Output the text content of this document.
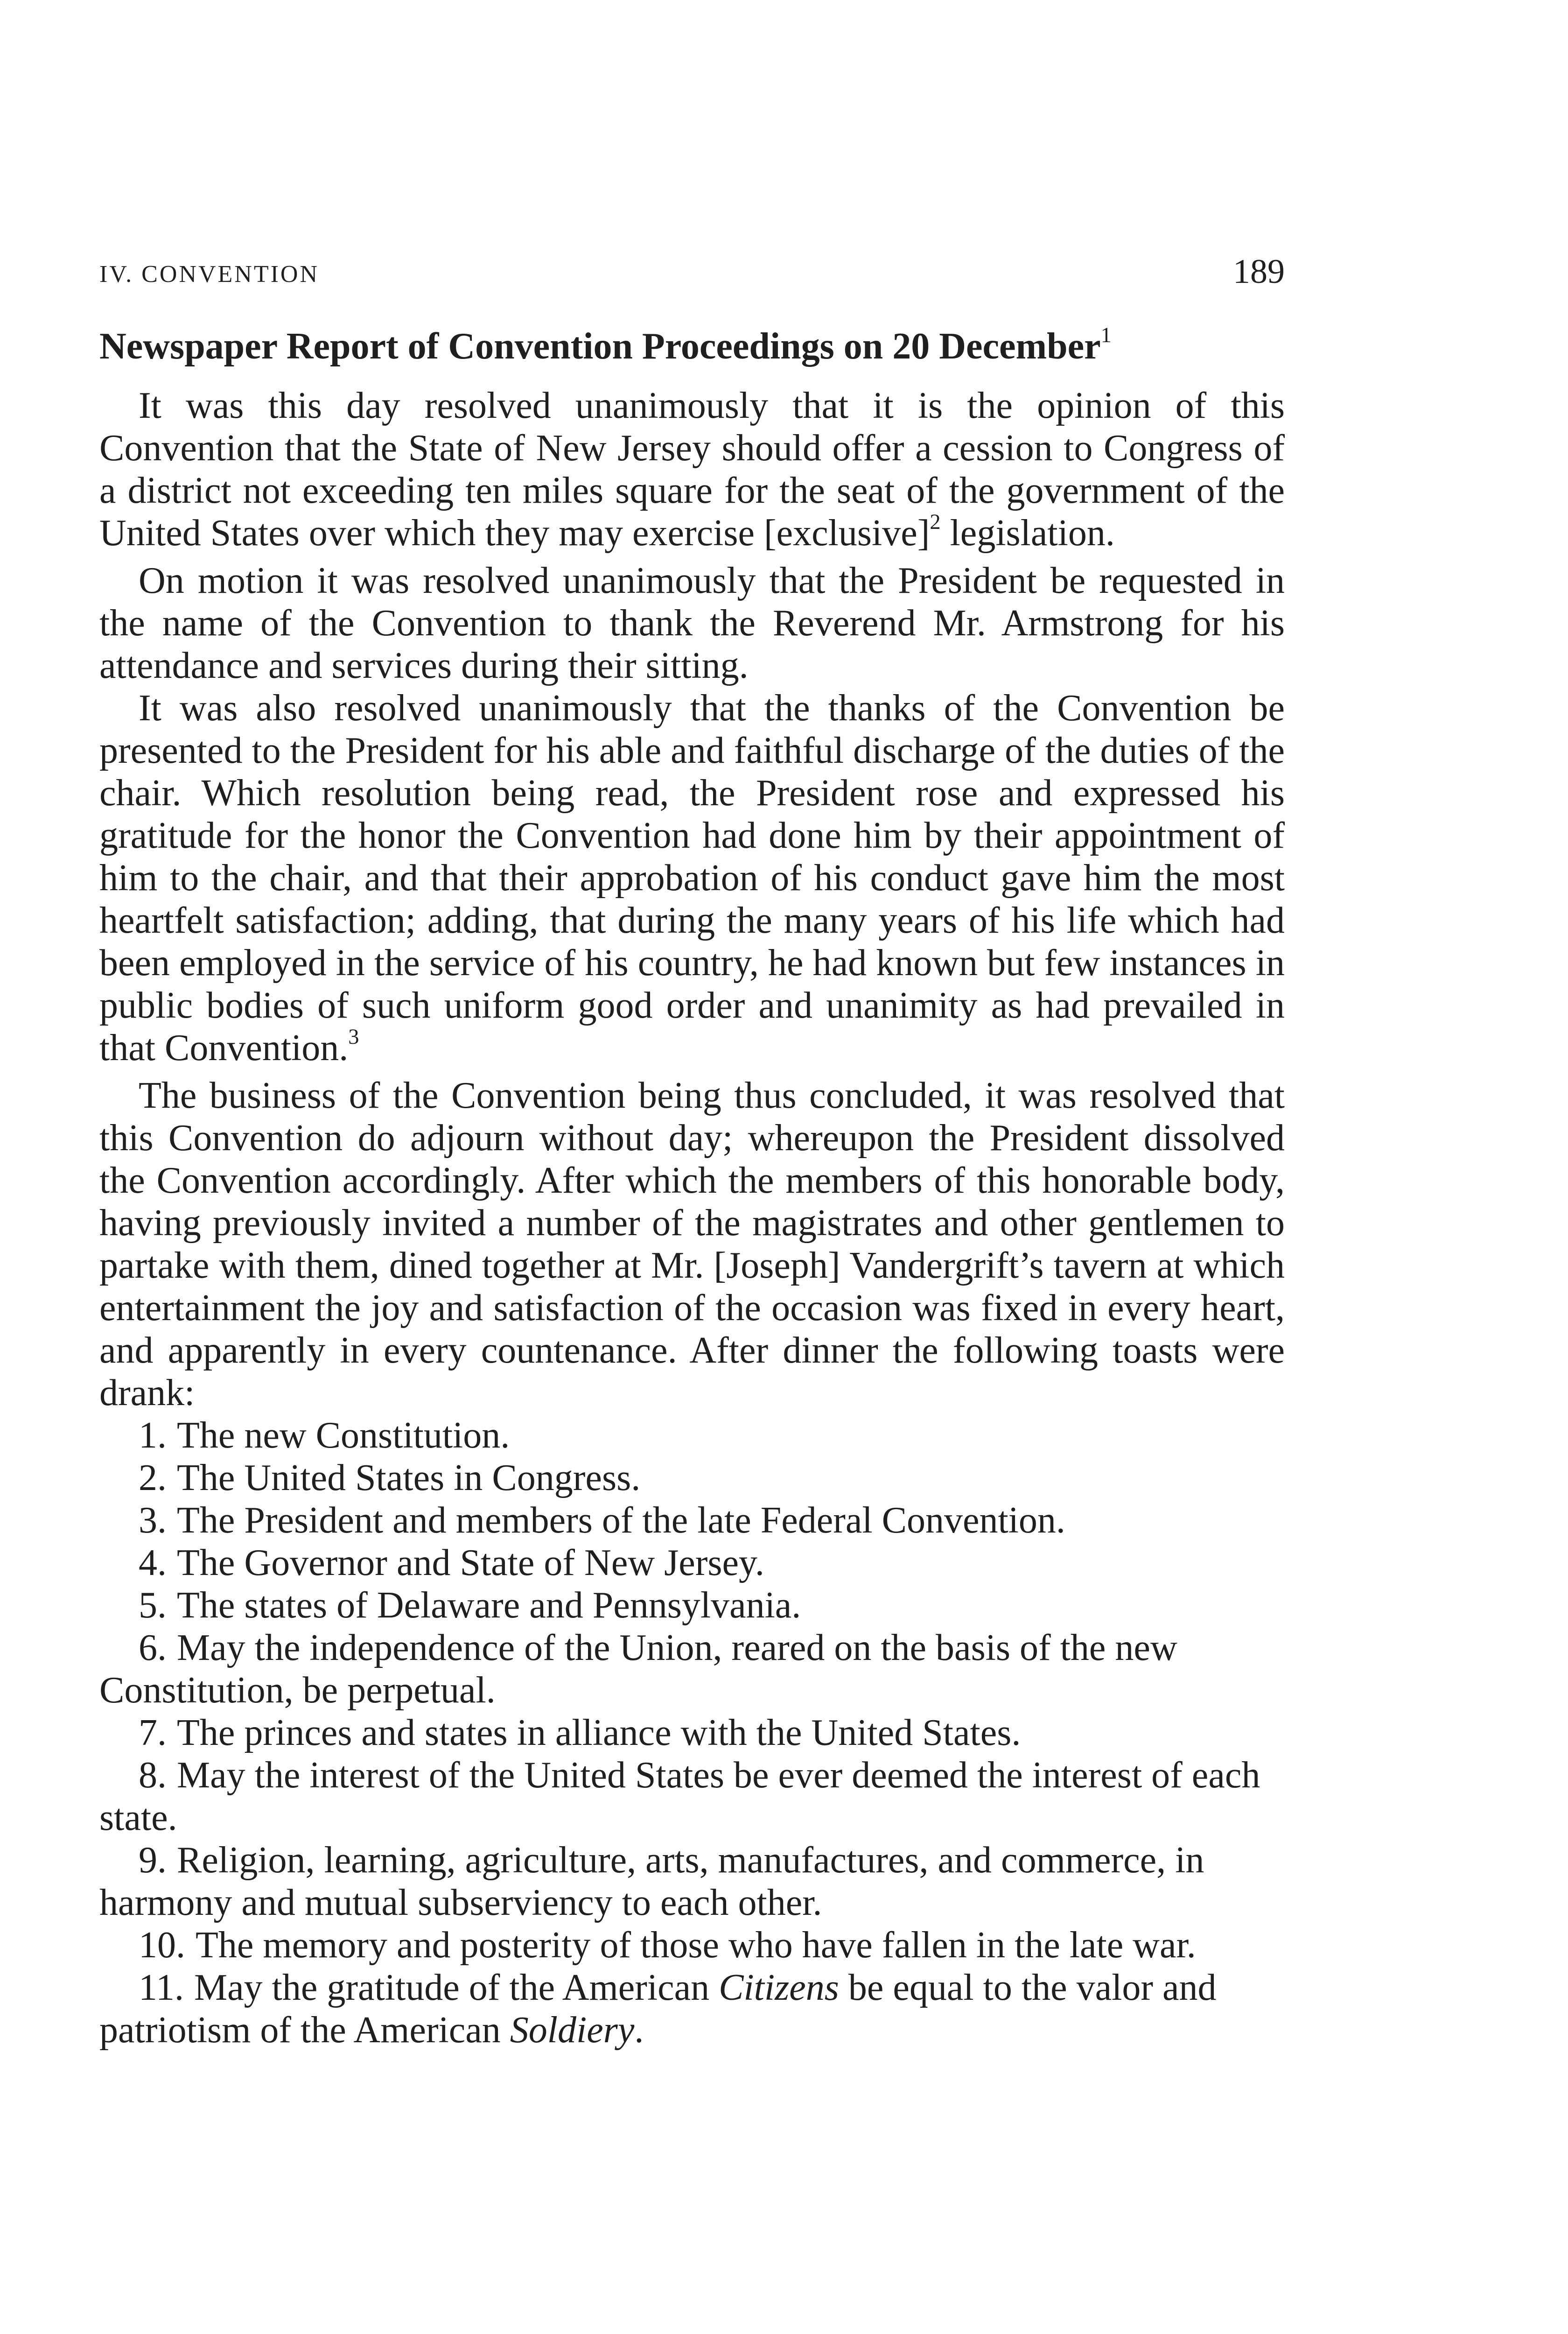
IV. CONVENTION	189
Newspaper Report of Convention Proceedings on 20 December$^1$

It was this day resolved unanimously that it is the opinion of this Convention that the State of New Jersey should offer a cession to Congress of a district not exceeding ten miles square for the seat of the government of the United States over which they may exercise [exclusive]$^2$ legislation.

On motion it was resolved unanimously that the President be requested in the name of the Convention to thank the Reverend Mr. Armstrong for his attendance and services during their sitting.

It was also resolved unanimously that the thanks of the Convention be presented to the President for his able and faithful discharge of the duties of the chair. Which resolution being read, the President rose and expressed his gratitude for the honor the Convention had done him by their appointment of him to the chair, and that their approbation of his conduct gave him the most heartfelt satisfaction; adding, that during the many years of his life which had been employed in the service of his country, he had known but few instances in public bodies of such uniform good order and unanimity as had prevailed in that Convention.$^3$

The business of the Convention being thus concluded, it was resolved that this Convention do adjourn without day; whereupon the President dissolved the Convention accordingly. After which the members of this honorable body, having previously invited a number of the magistrates and other gentlemen to partake with them, dined together at Mr. [Joseph] Vandergrift’s tavern at which entertainment the joy and satisfaction of the occasion was fixed in every heart, and apparently in every countenance. After dinner the following toasts were drank:

1. The new Constitution.
2. The United States in Congress.
3. The President and members of the late Federal Convention.
4. The Governor and State of New Jersey.
5. The states of Delaware and Pennsylvania.
6. May the independence of the Union, reared on the basis of the new Constitution, be perpetual.
7. The princes and states in alliance with the United States.
8. May the interest of the United States be ever deemed the interest of each state.
9. Religion, learning, agriculture, arts, manufactures, and commerce, in harmony and mutual subserviency to each other.
10. The memory and posterity of those who have fallen in the late war.
11. May the gratitude of the American Citizens be equal to the valor and patriotism of the American Soldiery.
